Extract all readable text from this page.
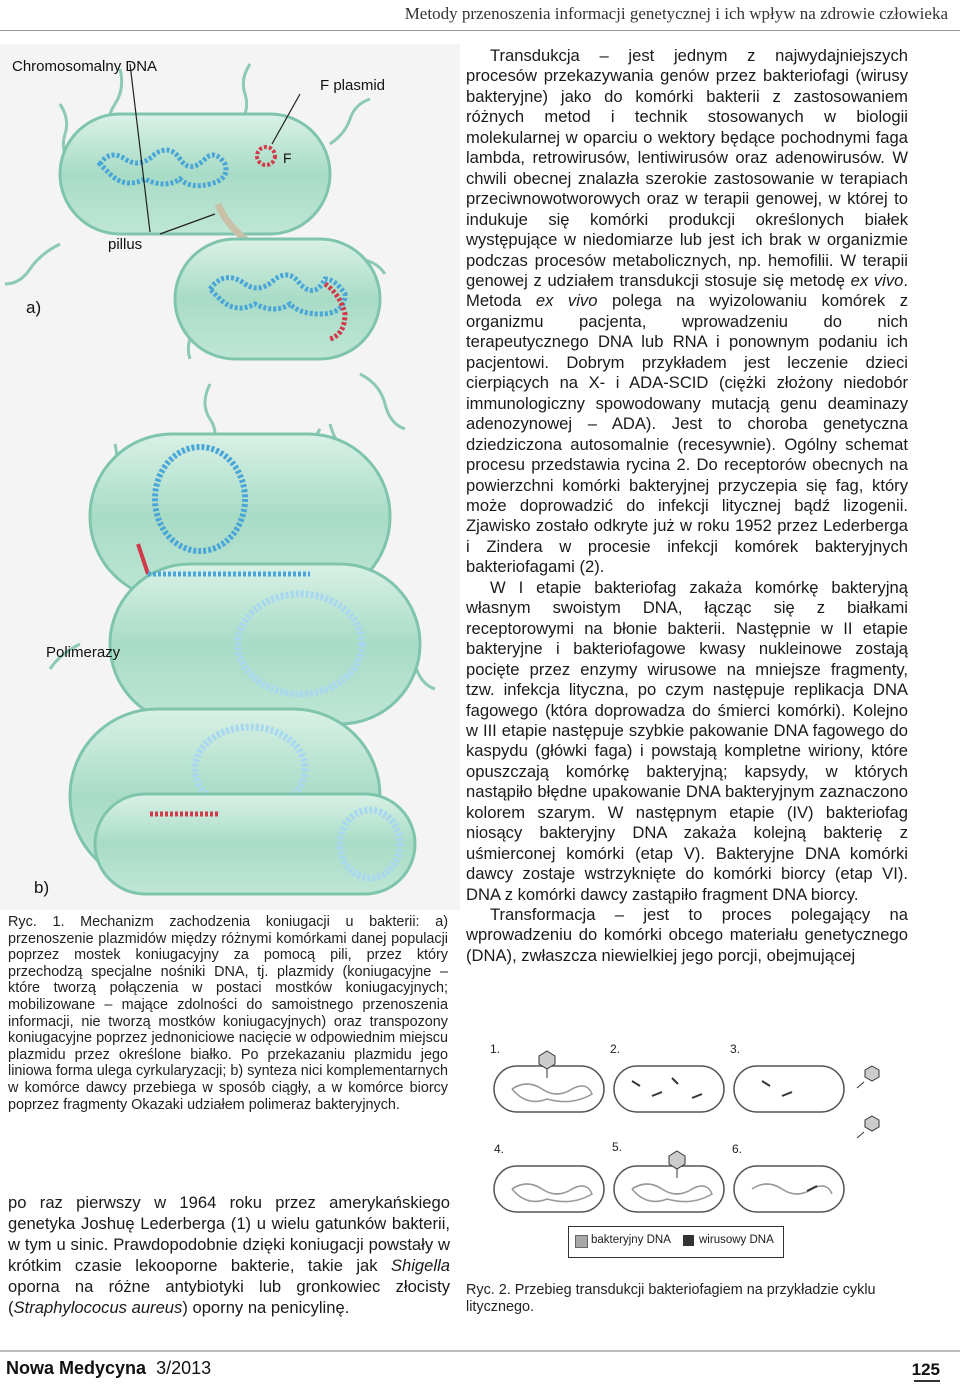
Metody przenoszenia informacji genetycznej i ich wpływ na zdrowie człowieka
Chromosomalny DNA
F plasmid
F
pillus
a)
Polimerazy
b)
Ryc. 1. Mechanizm zachodzenia koniugacji u bakterii: a) przenoszenie plazmidów między różnymi komórkami danej populacji poprzez mostek koniugacyjny za pomocą pili, przez który przechodzą specjalne nośniki DNA, tj. plazmidy (koniugacyjne – które tworzą połączenia w postaci mostków koniugacyjnych; mobilizowane – mające zdolności do samoistnego przenoszenia informacji, nie tworzą mostków koniugacyjnych) oraz transpozony koniugacyjne poprzez jednoniciowe nacięcie w odpowiednim miejscu plazmidu przez określone białko. Po przekazaniu plazmidu jego liniowa forma ulega cyrkularyzacji; b) synteza nici komplementarnych w komórce dawcy przebiega w sposób ciągły, a w komórce biorcy poprzez fragmenty Okazaki udziałem polimeraz bakteryjnych.
po raz pierwszy w 1964 roku przez amerykańskiego genetyka Joshuę Lederberga (1) u wielu gatunków bakterii, w tym u sinic. Prawdopodobnie dzięki koniugacji powstały w krótkim czasie lekooporne bakterie, takie jak Shigella oporna na różne antybiotyki lub gronkowiec złocisty (Straphylococus aureus) oporny na penicylinę.

Transdukcja – jest jednym z najwydajniejszych procesów przekazywania genów przez bakteriofagi (wirusy bakteryjne) jako do komórki bakterii z zastosowaniem różnych metod i technik stosowanych w biologii molekularnej w oparciu o wektory będące pochodnymi faga lambda, retrowirusów, lentiwirusów oraz adenowirusów. W chwili obecnej znalazła szerokie zastosowanie w terapiach przeciwnowotworowych oraz w terapii genowej, w której to indukuje się komórki produkcji określonych białek występujące w niedomiarze lub jest ich brak w organizmie podczas procesów metabolicznych, np. hemofilii. W terapii genowej z udziałem transdukcji stosuje się metodę ex vivo. Metoda ex vivo polega na wyizolowaniu komórek z organizmu pacjenta, wprowadzeniu do nich terapeutycznego DNA lub RNA i ponownym podaniu ich pacjentowi. Dobrym przykładem jest leczenie dzieci cierpiących na X- i ADA-SCID (ciężki złożony niedobór immunologiczny spowodowany mutacją genu deaminazy adenozynowej – ADA). Jest to choroba genetyczna dziedziczona autosomalnie (recesywnie). Ogólny schemat procesu przedstawia rycina 2. Do receptorów obecnych na powierzchni komórki bakteryjnej przyczepia się fag, który może doprowadzić do infekcji litycznej bądź lizogenii. Zjawisko zostało odkryte już w roku 1952 przez Lederberga i Zindera w procesie infekcji komórek bakteryjnych bakteriofagami (2).

W I etapie bakteriofag zakaża komórkę bakteryjną własnym swoistym DNA, łącząc się z białkami receptorowymi na błonie bakterii. Następnie w II etapie bakteryjne i bakteriofagowe kwasy nukleinowe zostają pocięte przez enzymy wirusowe na mniejsze fragmenty, tzw. infekcja lityczna, po czym następuje replikacja DNA fagowego (która doprowadza do śmierci komórki). Kolejno w III etapie następuje szybkie pakowanie DNA fagowego do kaspydu (główki faga) i powstają kompletne wiriony, które opuszczają komórkę bakteryjną; kapsydy, w których nastąpiło błędne upakowanie DNA bakteryjnym zaznaczono kolorem szarym. W następnym etapie (IV) bakteriofag niosący bakteryjny DNA zakaża kolejną bakterię z uśmierconej komórki (etap V). Bakteryjne DNA komórki dawcy zostaje wstrzyknięte do komórki biorcy (etap VI). DNA z komórki dawcy zastąpiło fragment DNA biorcy.

Transformacja – jest to proces polegający na wprowadzeniu do komórki obcego materiału genetycznego (DNA), zwłaszcza niewielkiej jego porcji, obejmującej

1.	2.	3.
4.	5.	6.
bakteryjny DNA wirusowy DNA
Ryc. 2. Przebieg transdukcji bakteriofagiem na przykładzie cyklu litycznego.
Nowa Medycyna 3/2013	125
